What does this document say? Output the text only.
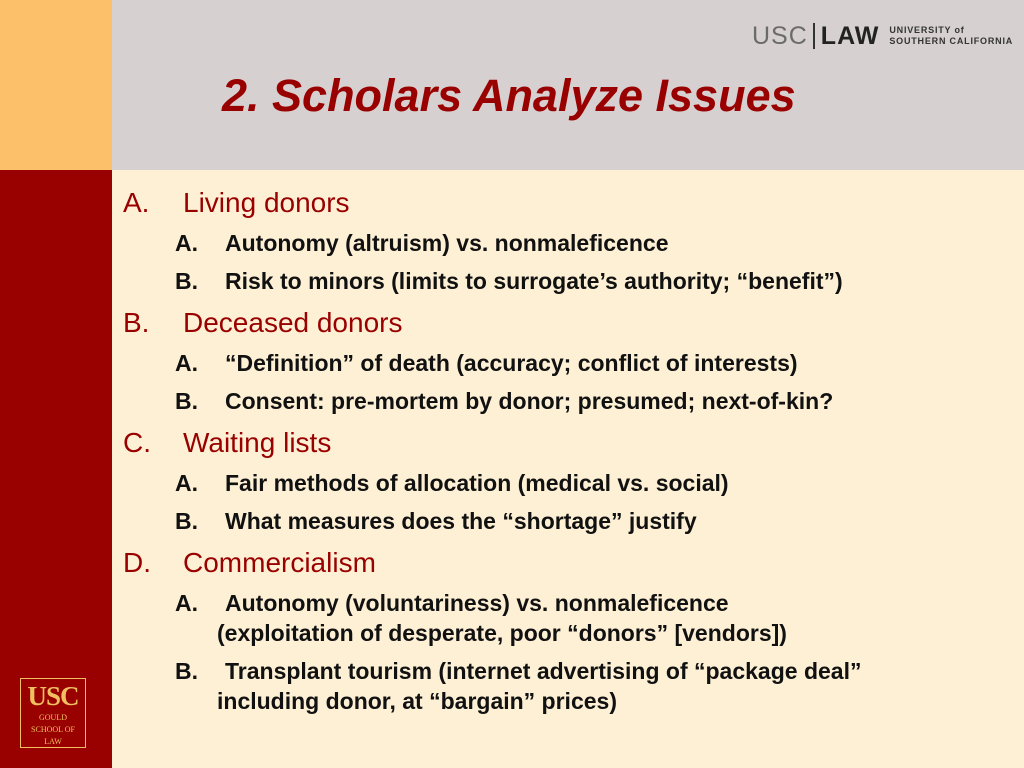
USC LAW UNIVERSITY of
SOUTHERN CALIFORNIA
2. Scholars Analyze Issues
USC
GOULD
SCHOOL OF
LAW
A.	Living donors
A.	Autonomy (altruism) vs. nonmaleficence
B.	Risk to minors (limits to surrogate’s authority; “benefit”)
B.	Deceased donors
A.	“Definition” of death (accuracy; conflict of interests)
B.	Consent: pre-mortem by donor; presumed; next-of-kin?
C.	Waiting lists
A.	Fair methods of allocation (medical vs. social)
B.	What measures does the “shortage” justify
D.	Commercialism
A.	Autonomy (voluntariness) vs. nonmaleficence
(exploitation of desperate, poor “donors” [vendors])
B.	Transplant tourism (internet advertising of “package deal”
including donor, at “bargain” prices)
